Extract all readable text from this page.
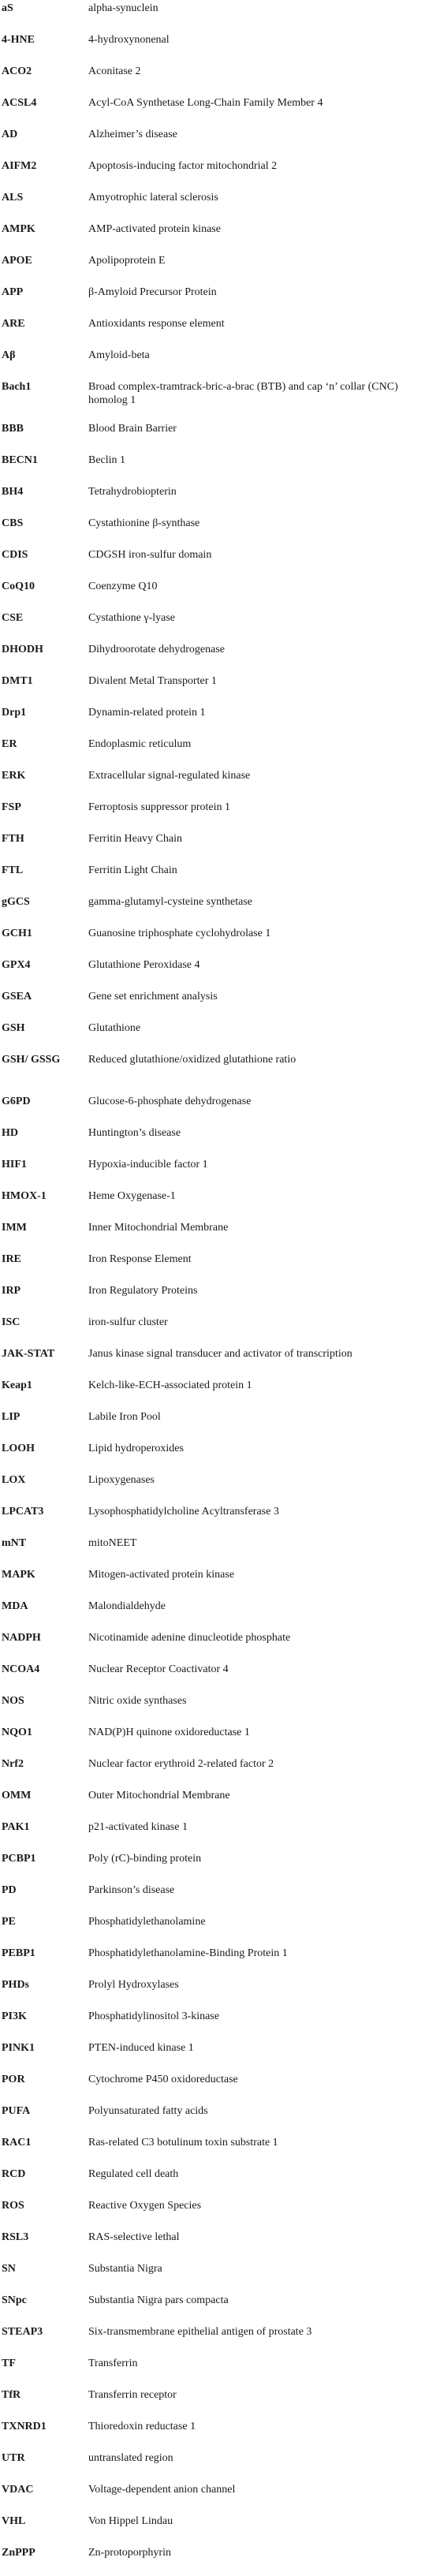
aS	alpha-synuclein
4-HNE	4-hydroxynonenal
ACO2	Aconitase 2
ACSL4	Acyl-CoA Synthetase Long-Chain Family Member 4
AD	Alzheimer’s disease
AIFM2	Apoptosis-inducing factor mitochondrial 2
ALS	Amyotrophic lateral sclerosis
AMPK	AMP-activated protein kinase
APOE	Apolipoprotein E
APP	β-Amyloid Precursor Protein
ARE	Antioxidants response element
Aβ	Amyloid-beta
Bach1	Broad complex-tramtrack-bric-a-brac (BTB) and cap ‘n’ collar (CNC) homolog 1
BBB	Blood Brain Barrier
BECN1	Beclin 1
BH4	Tetrahydrobiopterin
CBS	Cystathionine β-synthase
CDIS	CDGSH iron-sulfur domain
CoQ10	Coenzyme Q10
CSE	Cystathione γ-lyase
DHODH	Dihydroorotate dehydrogenase
DMT1	Divalent Metal Transporter 1
Drp1	Dynamin-related protein 1
ER	Endoplasmic reticulum
ERK	Extracellular signal-regulated kinase
FSP	Ferroptosis suppressor protein 1
FTH	Ferritin Heavy Chain
FTL	Ferritin Light Chain
gGCS	gamma-glutamyl-cysteine synthetase
GCH1	Guanosine triphosphate cyclohydrolase 1
GPX4	Glutathione Peroxidase 4
GSEA	Gene set enrichment analysis
GSH	Glutathione
GSH/ GSSG	Reduced glutathione/oxidized glutathione ratio
G6PD	Glucose-6-phosphate dehydrogenase
HD	Huntington’s disease
HIF1	Hypoxia-inducible factor 1
HMOX-1	Heme Oxygenase-1
IMM	Inner Mitochondrial Membrane
IRE	Iron Response Element
IRP	Iron Regulatory Proteins
ISC	iron-sulfur cluster
JAK-STAT	Janus kinase signal transducer and activator of transcription
Keap1	Kelch-like-ECH-associated protein 1
LIP	Labile Iron Pool
LOOH	Lipid hydroperoxides
LOX	Lipoxygenases
LPCAT3	Lysophosphatidylcholine Acyltransferase 3
mNT	mitoNEET
MAPK	Mitogen-activated protein kinase
MDA	Malondialdehyde
NADPH	Nicotinamide adenine dinucleotide phosphate
NCOA4	Nuclear Receptor Coactivator 4
NOS	Nitric oxide synthases
NQO1	NAD(P)H quinone oxidoreductase 1
Nrf2	Nuclear factor erythroid 2-related factor 2
OMM	Outer Mitochondrial Membrane
PAK1	p21-activated kinase 1
PCBP1	Poly (rC)-binding protein
PD	Parkinson’s disease
PE	Phosphatidylethanolamine
PEBP1	Phosphatidylethanolamine-Binding Protein 1
PHDs	Prolyl Hydroxylases
PI3K	Phosphatidylinositol 3-kinase
PINK1	PTEN-induced kinase 1
POR	Cytochrome P450 oxidoreductase
PUFA	Polyunsaturated fatty acids
RAC1	Ras-related C3 botulinum toxin substrate 1
RCD	Regulated cell death
ROS	Reactive Oxygen Species
RSL3	RAS-selective lethal
SN	Substantia Nigra
SNpc	Substantia Nigra pars compacta
STEAP3	Six-transmembrane epithelial antigen of prostate 3
TF	Transferrin
TfR	Transferrin receptor
TXNRD1	Thioredoxin reductase 1
UTR	untranslated region
VDAC	Voltage-dependent anion channel
VHL	Von Hippel Lindau
ZnPPP	Zn-protoporphyrin
